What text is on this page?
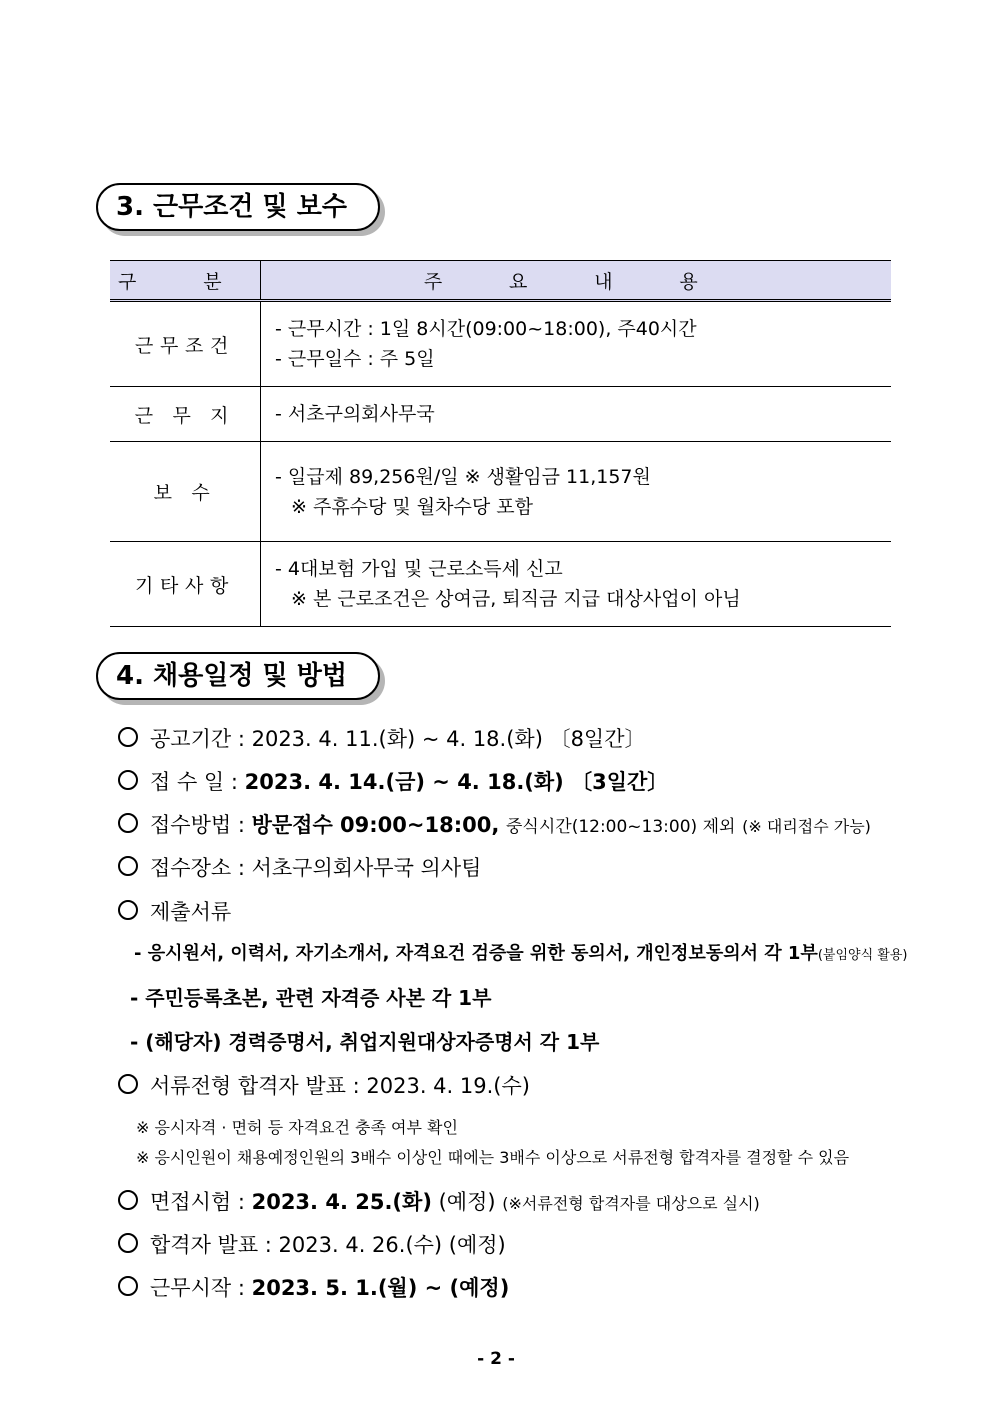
3. 근무조건 및 보수
구 분	주 요 내 용
근무조건	- 근무시간 : 1일 8시간(09:00~18:00), 주40시간
- 근무일수 : 주 5일

근 무 지	- 서초구의회사무국

보 수	- 일급제 89,256원/일 ※ 생활임금 11,157원
※ 주휴수당 및 월차수당 포함

기타사항	- 4대보험 가입 및 근로소득세 신고
※ 본 근로조건은 상여금, 퇴직금 지급 대상사업이 아님
4. 채용일정 및 방법
공고기간 : 2023. 4. 11.(화) ~ 4. 18.(화) 〔8일간〕
접 수 일 : 2023. 4. 14.(금) ~ 4. 18.(화) 〔3일간〕
접수방법 : 방문접수 09:00~18:00, 중식시간(12:00~13:00) 제외 (※ 대리접수 가능)
접수장소 : 서초구의회사무국 의사팀
제출서류
- 응시원서, 이력서, 자기소개서, 자격요건 검증을 위한 동의서, 개인정보동의서 각 1부(붙임양식 활용)
- 주민등록초본, 관련 자격증 사본 각 1부
- (해당자) 경력증명서, 취업지원대상자증명서 각 1부
서류전형 합격자 발표 : 2023. 4. 19.(수)
※ 응시자격 · 면허 등 자격요건 충족 여부 확인
※ 응시인원이 채용예정인원의 3배수 이상인 때에는 3배수 이상으로 서류전형 합격자를 결정할 수 있음
면접시험 : 2023. 4. 25.(화) (예정) (※서류전형 합격자를 대상으로 실시)
합격자 발표 : 2023. 4. 26.(수) (예정)
근무시작 : 2023. 5. 1.(월) ~ (예정)
- 2 -
